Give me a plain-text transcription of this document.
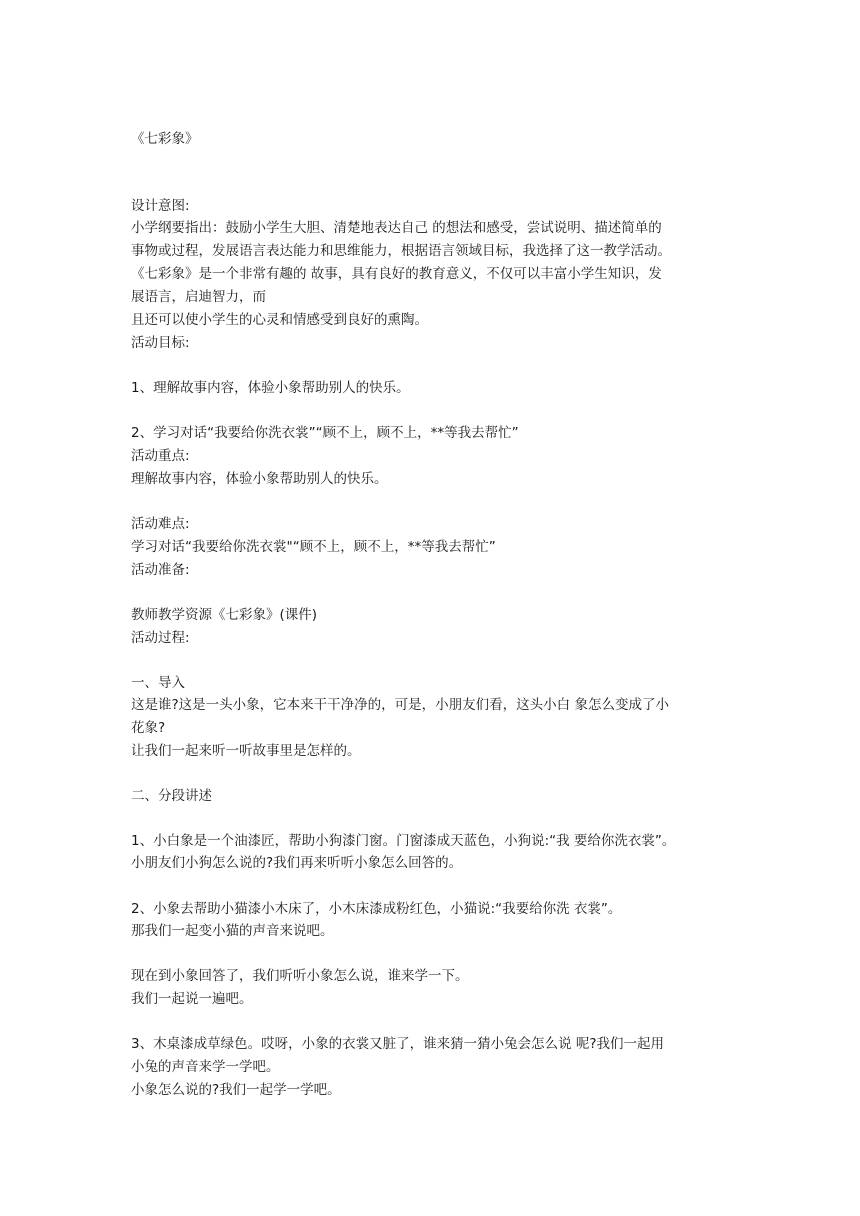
《七彩象》
设计意图:
小学纲要指出：鼓励小学生大胆、清楚地表达自己 的想法和感受，尝试说明、描述简单的
事物或过程，发展语言表达能力和思维能力，根据语言领域目标，我选择了这一教学活动。
《七彩象》是一个非常有趣的 故事，具有良好的教育意义，不仅可以丰富小学生知识，发
展语言，启迪智力，而
且还可以使小学生的心灵和情感受到良好的熏陶。
活动目标:
1、理解故事内容，体验小象帮助别人的快乐。
2、学习对话“我要给你洗衣裳”“顾不上，顾不上，**等我去帮忙”
活动重点:
理解故事内容，体验小象帮助别人的快乐。
活动难点:
学习对话“我要给你洗衣裳"“顾不上，顾不上，**等我去帮忙”
活动准备:
教师教学资源《七彩象》(课件)
活动过程:
一、导入
这是谁?这是一头小象，它本来干干净净的，可是，小朋友们看，这头小白 象怎么变成了小
花象?
让我们一起来听一听故事里是怎样的。
二、分段讲述
1、小白象是一个油漆匠，帮助小狗漆门窗。门窗漆成天蓝色，小狗说:“我 要给你洗衣裳”。
小朋友们小狗怎么说的?我们再来听听小象怎么回答的。
2、小象去帮助小猫漆小木床了，小木床漆成粉红色，小猫说:“我要给你洗 衣裳”。
那我们一起变小猫的声音来说吧。
现在到小象回答了，我们听听小象怎么说，谁来学一下。
我们一起说一遍吧。
3、木桌漆成草绿色。哎呀，小象的衣裳又脏了，谁来猜一猜小兔会怎么说 呢?我们一起用
小兔的声音来学一学吧。
小象怎么说的?我们一起学一学吧。
